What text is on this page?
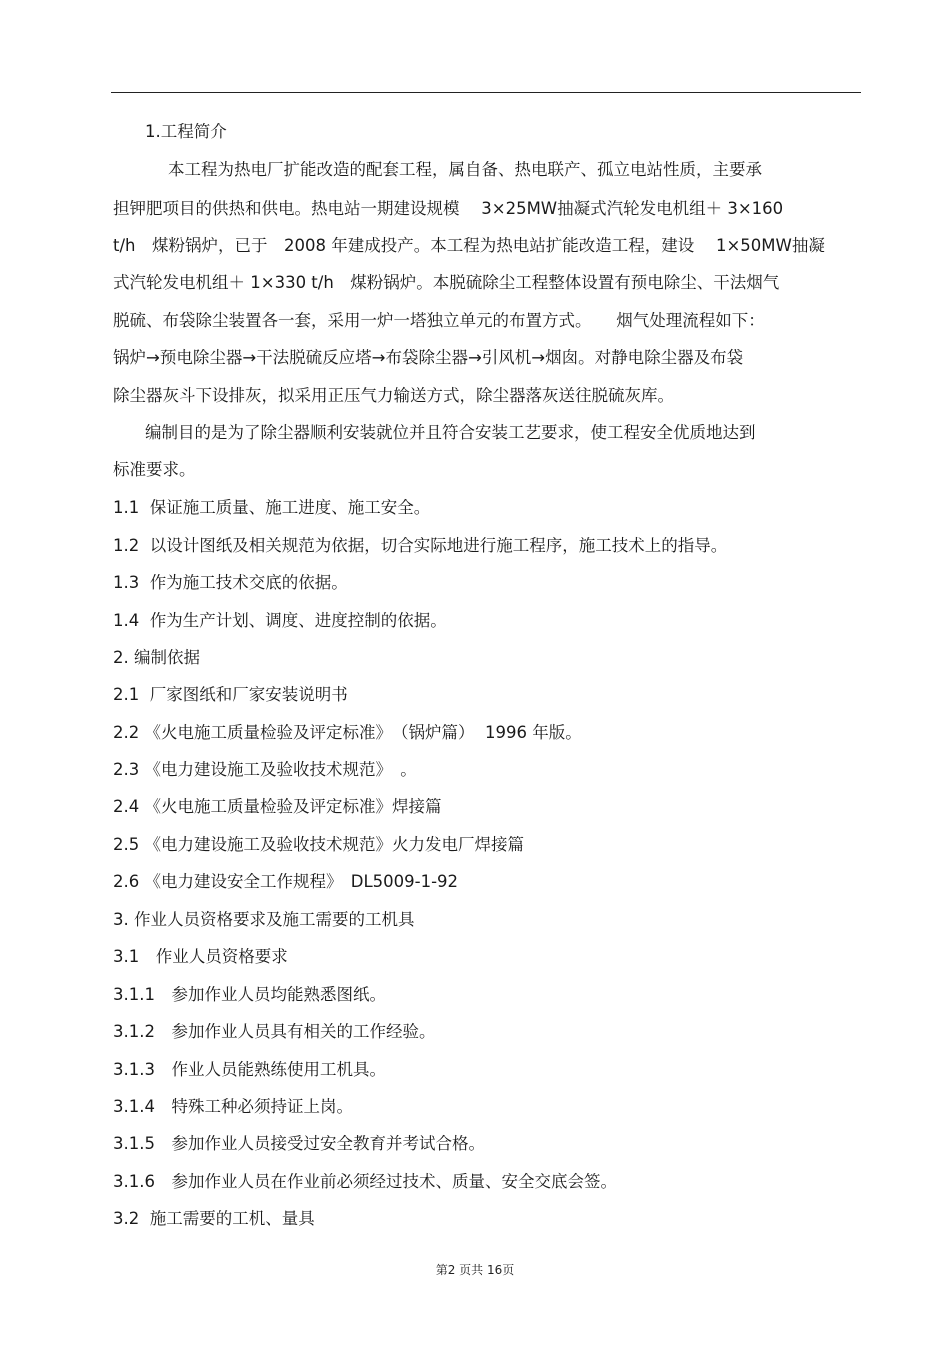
1.工程简介
本工程为热电厂扩能改造的配套工程，属自备、热电联产、孤立电站性质，主要承
担钾肥项目的供热和供电。热电站一期建设规模　 3×25MW抽凝式汽轮发电机组＋ 3×160
t/h　煤粉锅炉，已于　2008 年建成投产。本工程为热电站扩能改造工程，建设　 1×50MW抽凝
式汽轮发电机组＋ 1×330 t/h　煤粉锅炉。本脱硫除尘工程整体设置有预电除尘、干法烟气
脱硫、布袋除尘装置各一套，采用一炉一塔独立单元的布置方式。　　烟气处理流程如下：
锅炉→预电除尘器→干法脱硫反应塔→布袋除尘器→引风机→烟囱。对静电除尘器及布袋
除尘器灰斗下设排灰，拟采用正压气力输送方式，除尘器落灰送往脱硫灰库。
编制目的是为了除尘器顺利安装就位并且符合安装工艺要求，使工程安全优质地达到
标准要求。
1.1  保证施工质量、施工进度、施工安全。
1.2  以设计图纸及相关规范为依据，切合实际地进行施工程序，施工技术上的指导。
1.3  作为施工技术交底的依据。
1.4  作为生产计划、调度、进度控制的依据。
2. 编制依据
2.1  厂家图纸和厂家安装说明书
2.2 《火电施工质量检验及评定标准》　（锅炉篇）  1996 年版。
2.3 《电力建设施工及验收技术规范》　。
2.4 《火电施工质量检验及评定标准》焊接篇
2.5 《电力建设施工及验收技术规范》火力发电厂焊接篇
2.6 《电力建设安全工作规程》　DL5009-1-92
3. 作业人员资格要求及施工需要的工机具
3.1　作业人员资格要求
3.1.1　参加作业人员均能熟悉图纸。
3.1.2　参加作业人员具有相关的工作经验。
3.1.3　作业人员能熟练使用工机具。
3.1.4　特殊工种必须持证上岗。
3.1.5　参加作业人员接受过安全教育并考试合格。
3.1.6　参加作业人员在作业前必须经过技术、质量、安全交底会签。
3.2  施工需要的工机、量具
第2 页共 16页
